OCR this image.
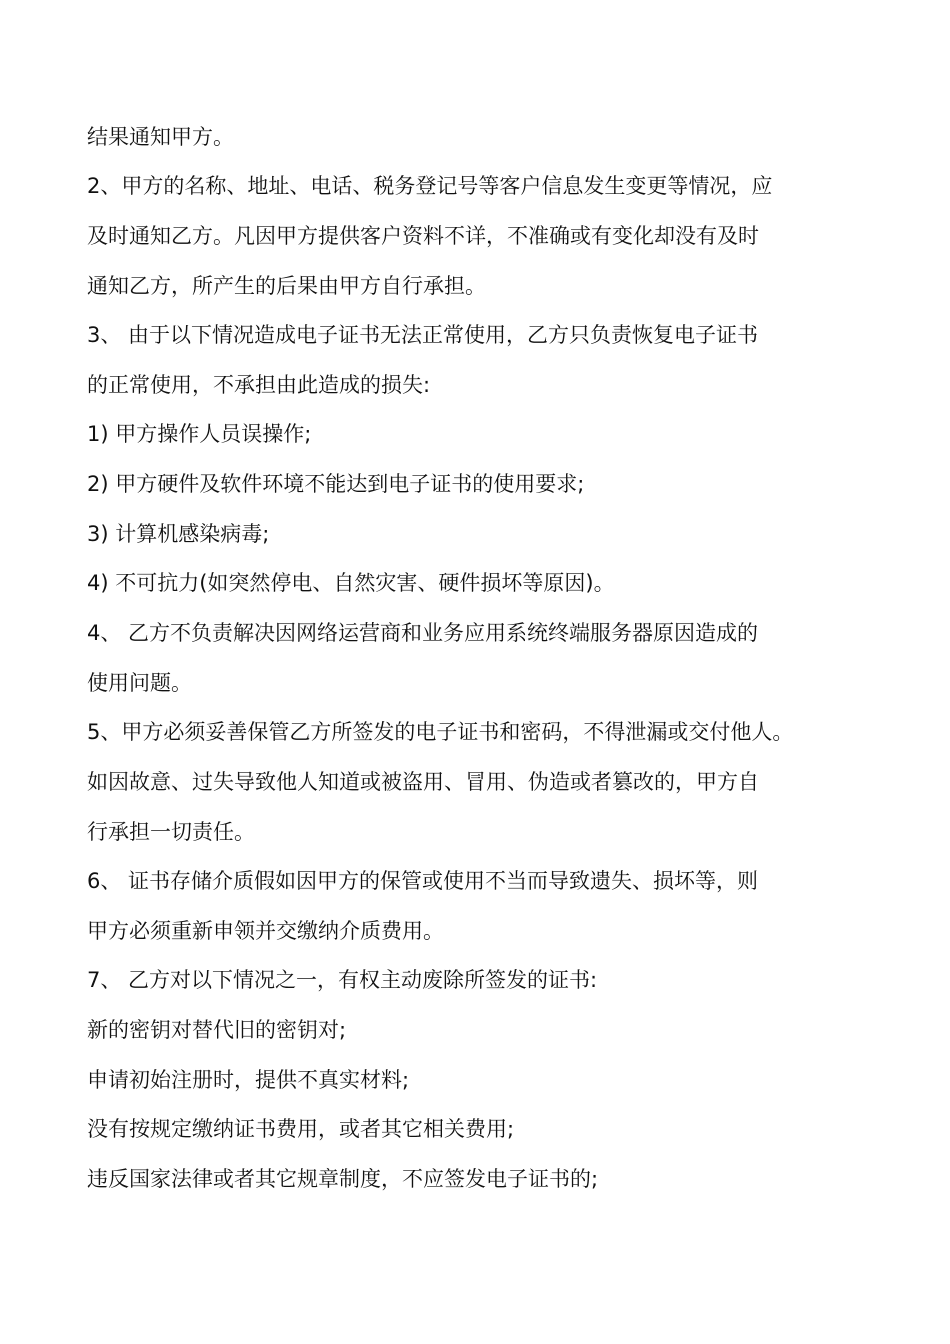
结果通知甲方。
2、甲方的名称、地址、电话、税务登记号等客户信息发生变更等情况，应
及时通知乙方。凡因甲方提供客户资料不详，不准确或有变化却没有及时
通知乙方，所产生的后果由甲方自行承担。
3、 由于以下情况造成电子证书无法正常使用，乙方只负责恢复电子证书
的正常使用，不承担由此造成的损失:
1) 甲方操作人员误操作;
2) 甲方硬件及软件环境不能达到电子证书的使用要求;
3) 计算机感染病毒;
4) 不可抗力(如突然停电、自然灾害、硬件损坏等原因)。
4、 乙方不负责解决因网络运营商和业务应用系统终端服务器原因造成的
使用问题。
5、甲方必须妥善保管乙方所签发的电子证书和密码，不得泄漏或交付他人。
如因故意、过失导致他人知道或被盗用、冒用、伪造或者篡改的，甲方自
行承担一切责任。
6、 证书存储介质假如因甲方的保管或使用不当而导致遗失、损坏等，则
甲方必须重新申领并交缴纳介质费用。
7、 乙方对以下情况之一，有权主动废除所签发的证书:
新的密钥对替代旧的密钥对;
申请初始注册时，提供不真实材料;
没有按规定缴纳证书费用，或者其它相关费用;
违反国家法律或者其它规章制度，不应签发电子证书的;
